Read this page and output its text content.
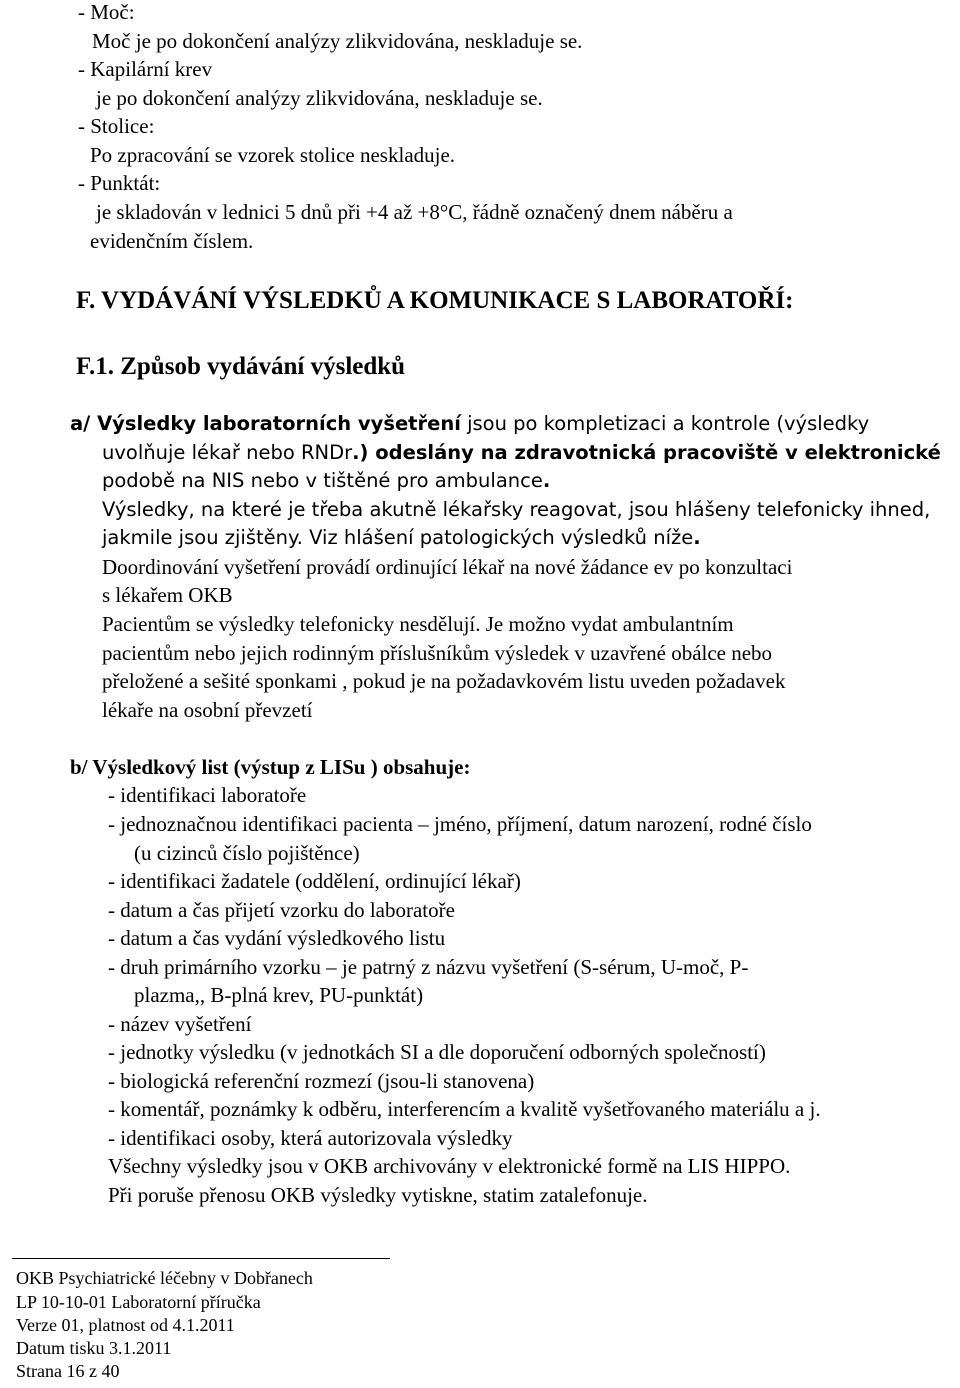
- Moč:
Moč je po dokončení analýzy zlikvidována, neskladuje se.
- Kapilární krev
je po dokončení analýzy zlikvidována, neskladuje se.
- Stolice:
Po zpracování se vzorek stolice neskladuje.
- Punktát:
je skladován v lednici 5 dnů při +4 až +8°C, řádně označený dnem náběru a
evidenčním číslem.
F. VYDÁVÁNÍ VÝSLEDKŮ A KOMUNIKACE S LABORATOŘÍ:
F.1. Způsob vydávání výsledků
a/ Výsledky laboratorních vyšetření jsou po kompletizaci a kontrole (výsledky
uvolňuje lékař nebo RNDr.) odeslány na zdravotnická pracoviště v elektronické
podobě na NIS nebo v tištěné pro ambulance.
Výsledky, na které je třeba akutně lékařsky reagovat, jsou hlášeny telefonicky ihned,
jakmile jsou zjištěny. Viz hlášení patologických výsledků níže.
Doordinování vyšetření provádí ordinující lékař na nové žádance ev po konzultaci
s lékařem OKB
Pacientům se výsledky telefonicky nesdělují. Je možno vydat ambulantním
pacientům nebo jejich rodinným příslušníkům výsledek v uzavřené obálce nebo
přeložené a sešité sponkami , pokud je na požadavkovém listu uveden požadavek
lékaře na osobní převzetí
b/ Výsledkový list (výstup z LISu ) obsahuje:
- identifikaci laboratoře
- jednoznačnou identifikaci pacienta – jméno, příjmení, datum narození, rodné číslo
(u cizinců číslo pojištěnce)
- identifikaci žadatele (oddělení, ordinující lékař)
- datum a čas přijetí vzorku do laboratoře
- datum a čas vydání výsledkového listu
- druh primárního vzorku – je patrný z názvu vyšetření (S-sérum, U-moč, P-
plazma,, B-plná krev, PU-punktát)
- název vyšetření
- jednotky výsledku (v jednotkách SI a dle doporučení odborných společností)
- biologická referenční rozmezí (jsou-li stanovena)
- komentář, poznámky k odběru, interferencím a kvalitě vyšetřovaného materiálu a j.
- identifikaci osoby, která autorizovala výsledky
Všechny výsledky jsou v OKB archivovány v elektronické formě na LIS HIPPO.
Při poruše přenosu OKB výsledky vytiskne, statim zatalefonuje.
OKB Psychiatrické léčebny v Dobřanech
LP 10-10-01 Laboratorní příručka
Verze 01, platnost od 4.1.2011
Datum tisku 3.1.2011
Strana 16 z 40
